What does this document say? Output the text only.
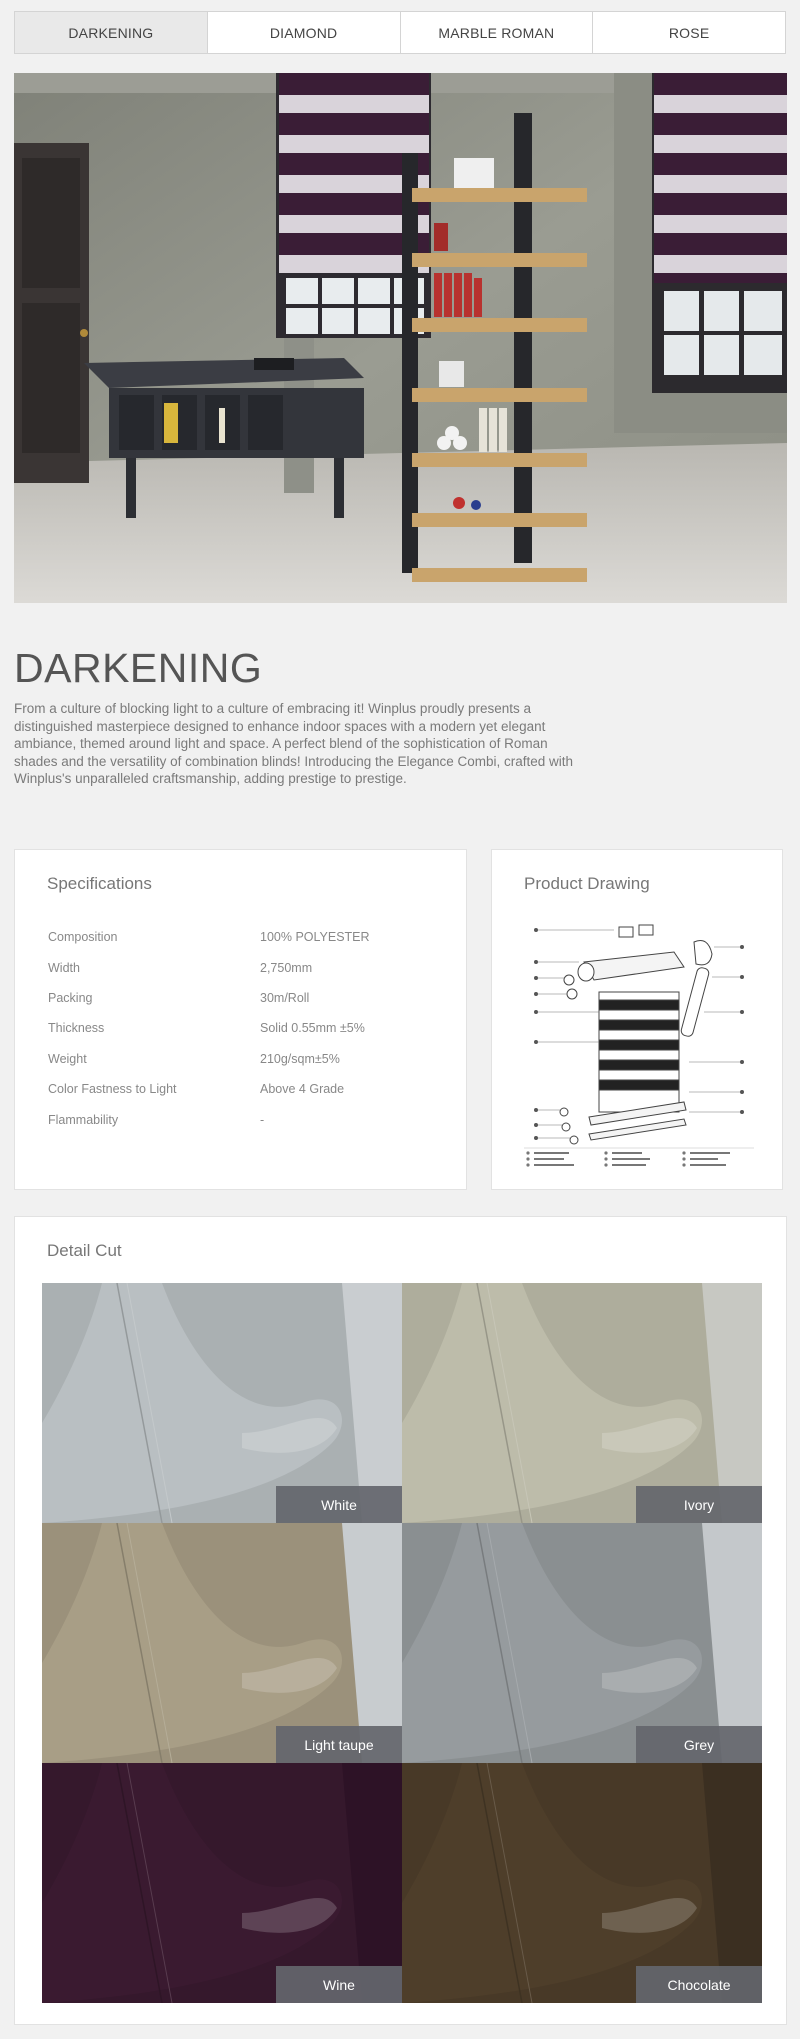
DARKENING	DIAMOND	MARBLE ROMAN	ROSE
DARKENING

From a culture of blocking light to a culture of embracing it! Winplus proudly presents a distinguished masterpiece designed to enhance indoor spaces with a modern yet elegant ambiance, themed around light and space. A perfect blend of the sophistication of Roman shades and the versatility of combination blinds! Introducing the Elegance Combi, crafted with Winplus's unparalleled craftsmanship, adding prestige to prestige.

Specifications
Composition	100% POLYESTER
Width	2,750mm
Packing	30m/Roll
Thickness	Solid 0.55mm ±5%
Weight	210g/sqm±5%
Color Fastness to Light	Above 4 Grade
Flammability	-
Product Drawing
Detail Cut
White	Ivory
Light taupe	Grey
Wine	Chocolate
